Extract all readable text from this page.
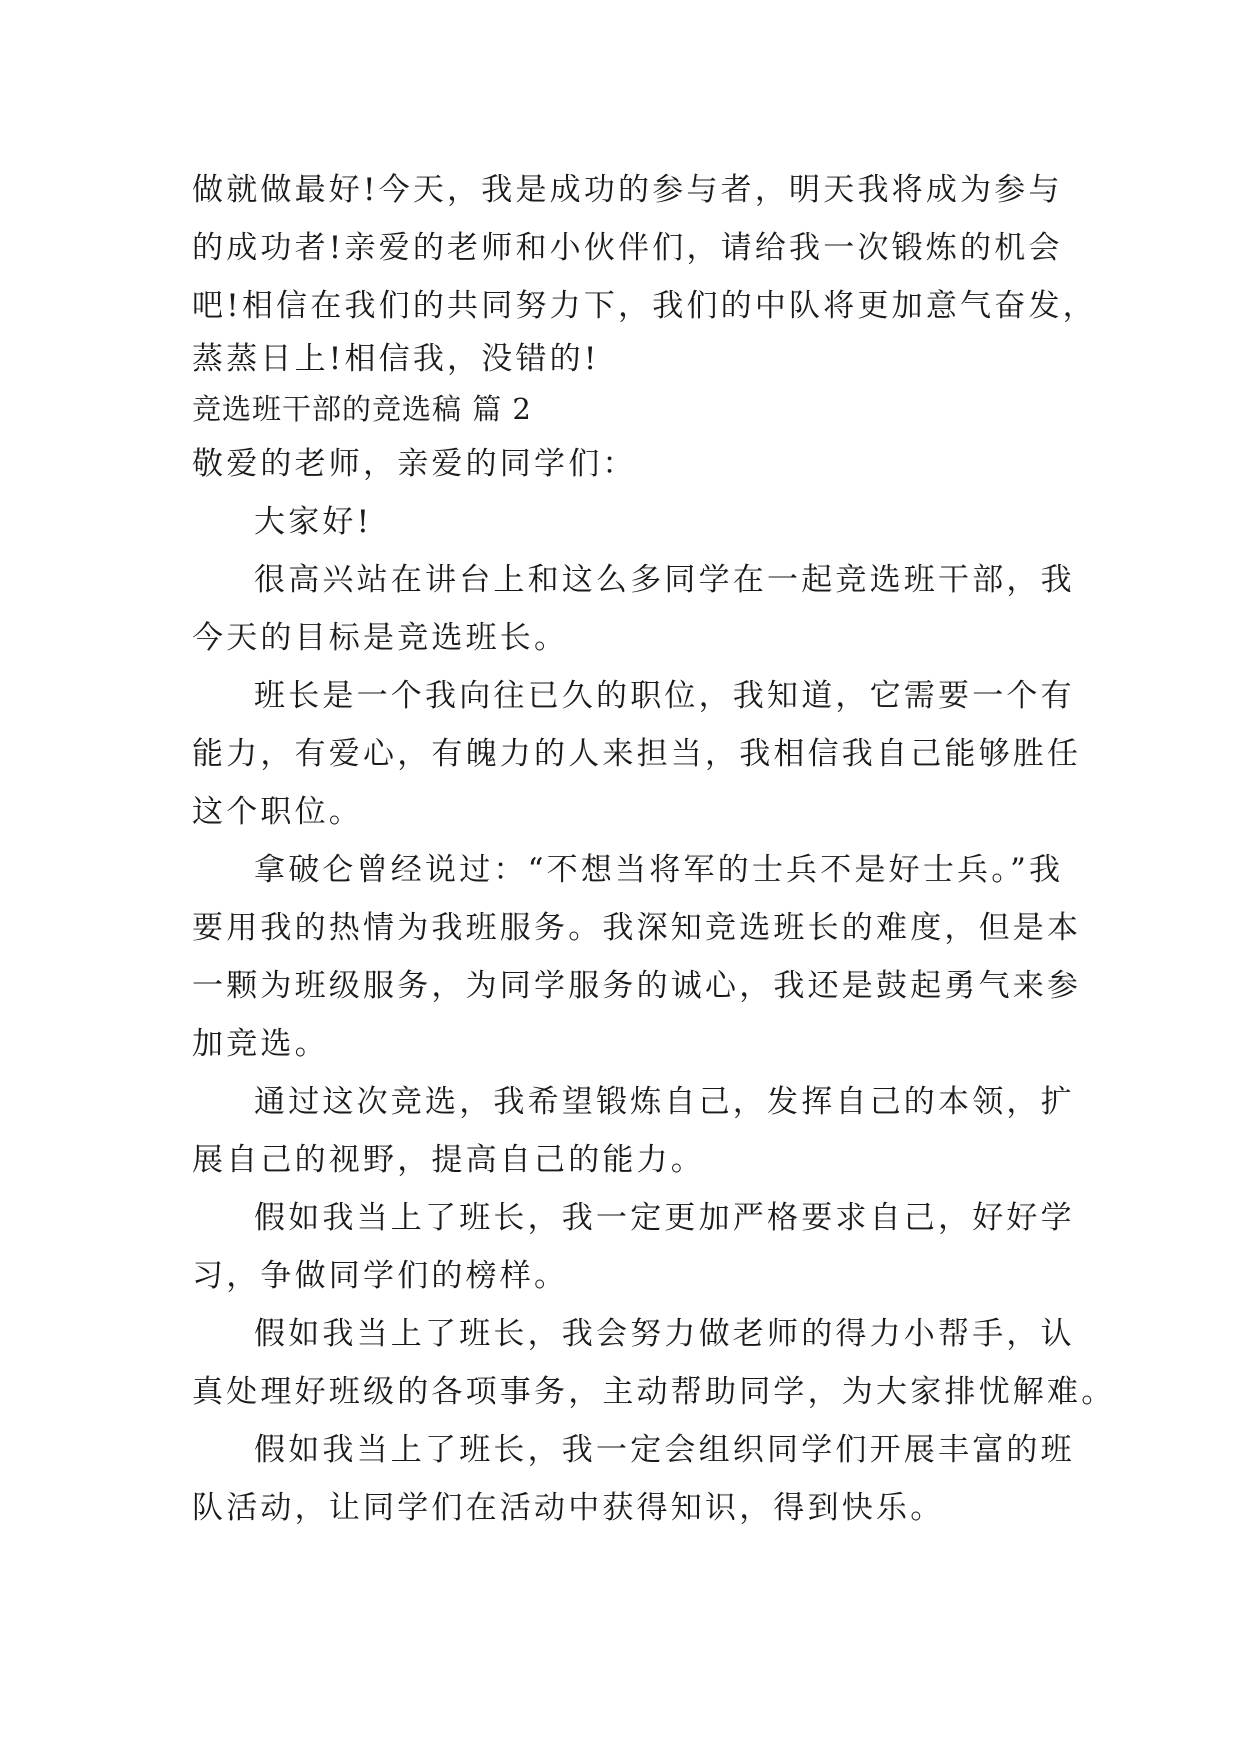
做就做最好!今天，我是成功的参与者，明天我将成为参与

的成功者!亲爱的老师和小伙伴们，请给我一次锻炼的机会

吧!相信在我们的共同努力下，我们的中队将更加意气奋发，

蒸蒸日上!相信我，没错的!

竞选班干部的竞选稿 篇 2

敬爱的老师，亲爱的同学们：

大家好!

很高兴站在讲台上和这么多同学在一起竞选班干部，我

今天的目标是竞选班长。

班长是一个我向往已久的职位，我知道，它需要一个有

能力，有爱心，有魄力的人来担当，我相信我自己能够胜任

这个职位。

拿破仑曾经说过：“不想当将军的士兵不是好士兵。”我

要用我的热情为我班服务。我深知竞选班长的难度，但是本

一颗为班级服务，为同学服务的诚心，我还是鼓起勇气来参

加竞选。

通过这次竞选，我希望锻炼自己，发挥自己的本领，扩

展自己的视野，提高自己的能力。

假如我当上了班长，我一定更加严格要求自己，好好学

习，争做同学们的榜样。

假如我当上了班长，我会努力做老师的得力小帮手，认

真处理好班级的各项事务，主动帮助同学，为大家排忧解难。

假如我当上了班长，我一定会组织同学们开展丰富的班

队活动，让同学们在活动中获得知识，得到快乐。
